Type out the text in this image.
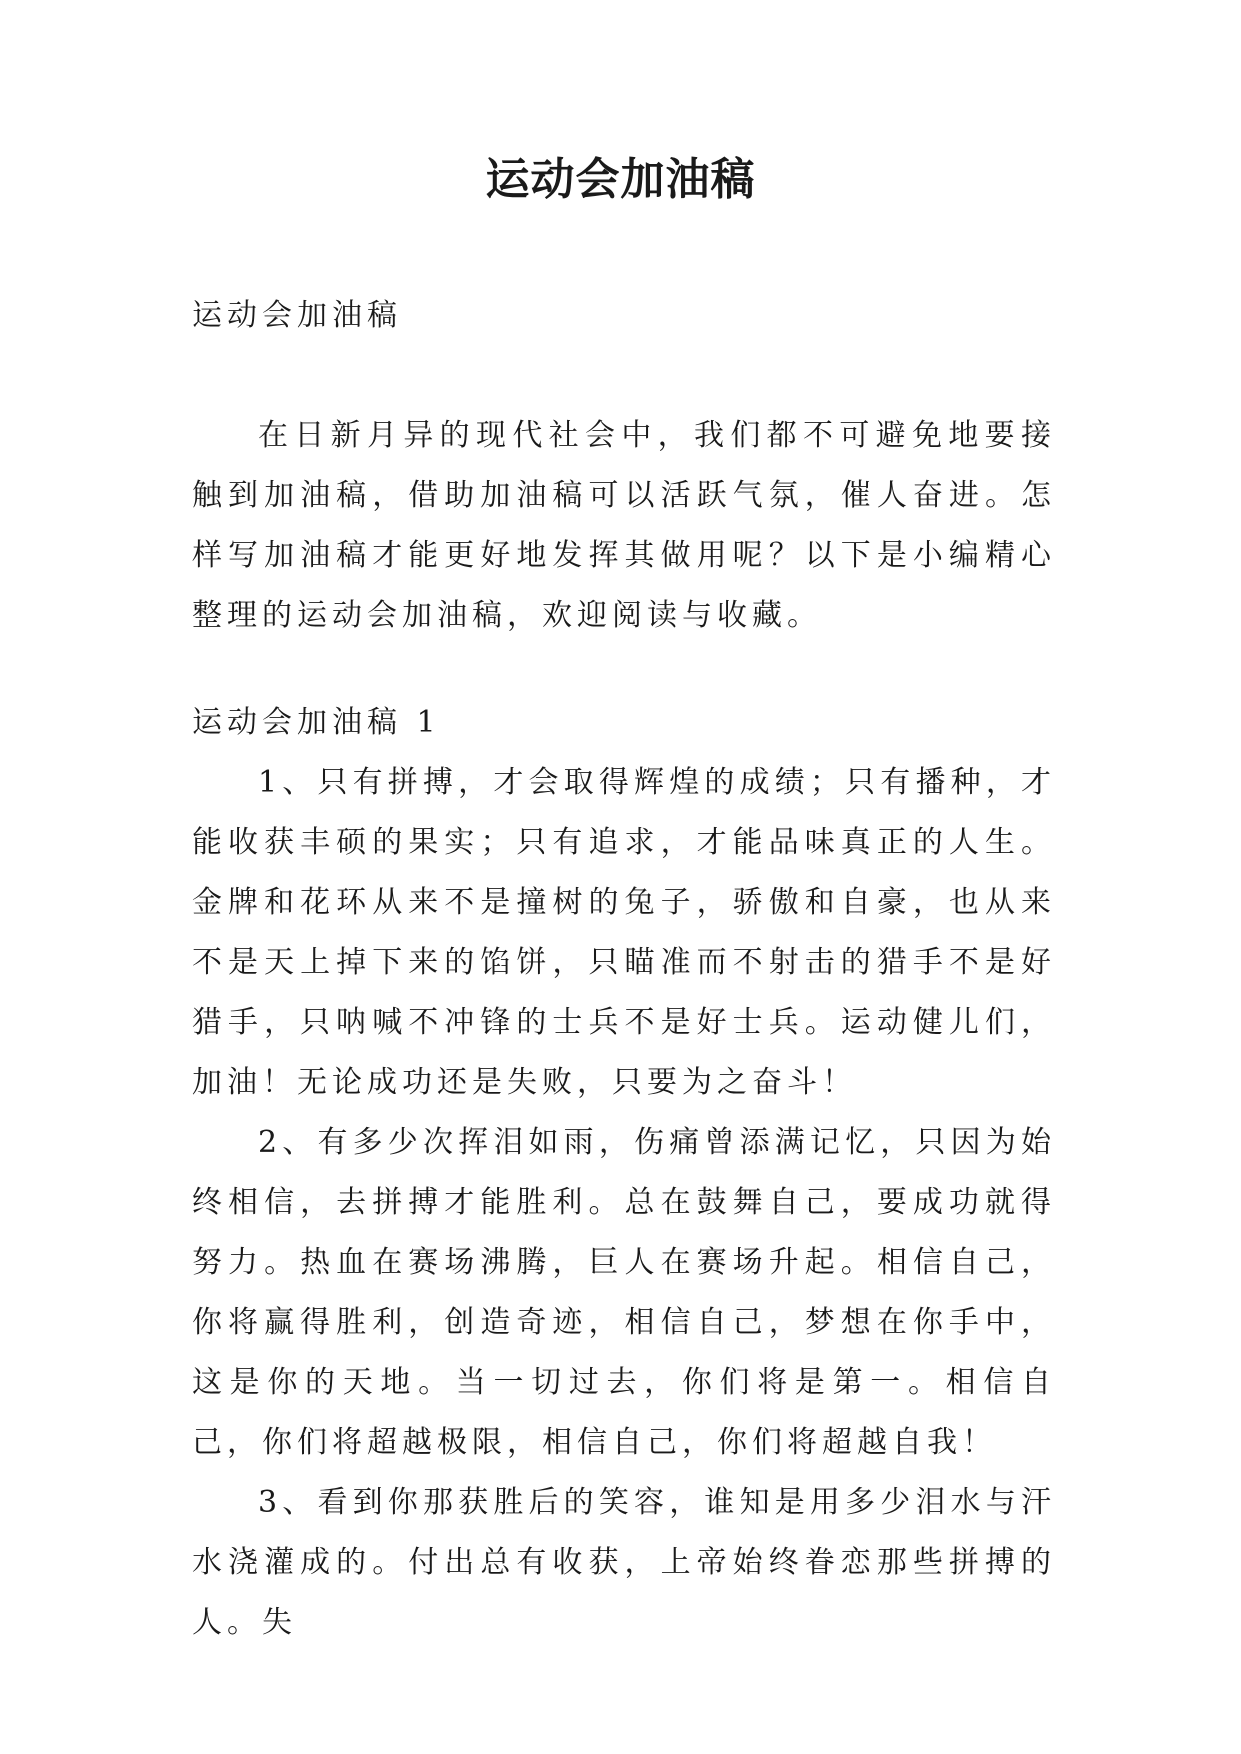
运动会加油稿

运动会加油稿

在日新月异的现代社会中，我们都不可避免地要接触到加油稿，借助加油稿可以活跃气氛，催人奋进。怎样写加油稿才能更好地发挥其做用呢？以下是小编精心整理的运动会加油稿，欢迎阅读与收藏。

运动会加油稿 1

1、只有拼搏，才会取得辉煌的成绩；只有播种，才能收获丰硕的果实；只有追求，才能品味真正的人生。金牌和花环从来不是撞树的兔子，骄傲和自豪，也从来不是天上掉下来的馅饼，只瞄准而不射击的猎手不是好猎手，只呐喊不冲锋的士兵不是好士兵。运动健儿们，加油！无论成功还是失败，只要为之奋斗！

2、有多少次挥泪如雨，伤痛曾添满记忆，只因为始终相信，去拼搏才能胜利。总在鼓舞自己，要成功就得努力。热血在赛场沸腾，巨人在赛场升起。相信自己，你将赢得胜利，创造奇迹，相信自己，梦想在你手中，这是你的天地。当一切过去，你们将是第一。相信自己，你们将超越极限，相信自己，你们将超越自我！

3、看到你那获胜后的笑容，谁知是用多少泪水与汗水浇灌成的。付出总有收获，上帝始终眷恋那些拼搏的人。失
